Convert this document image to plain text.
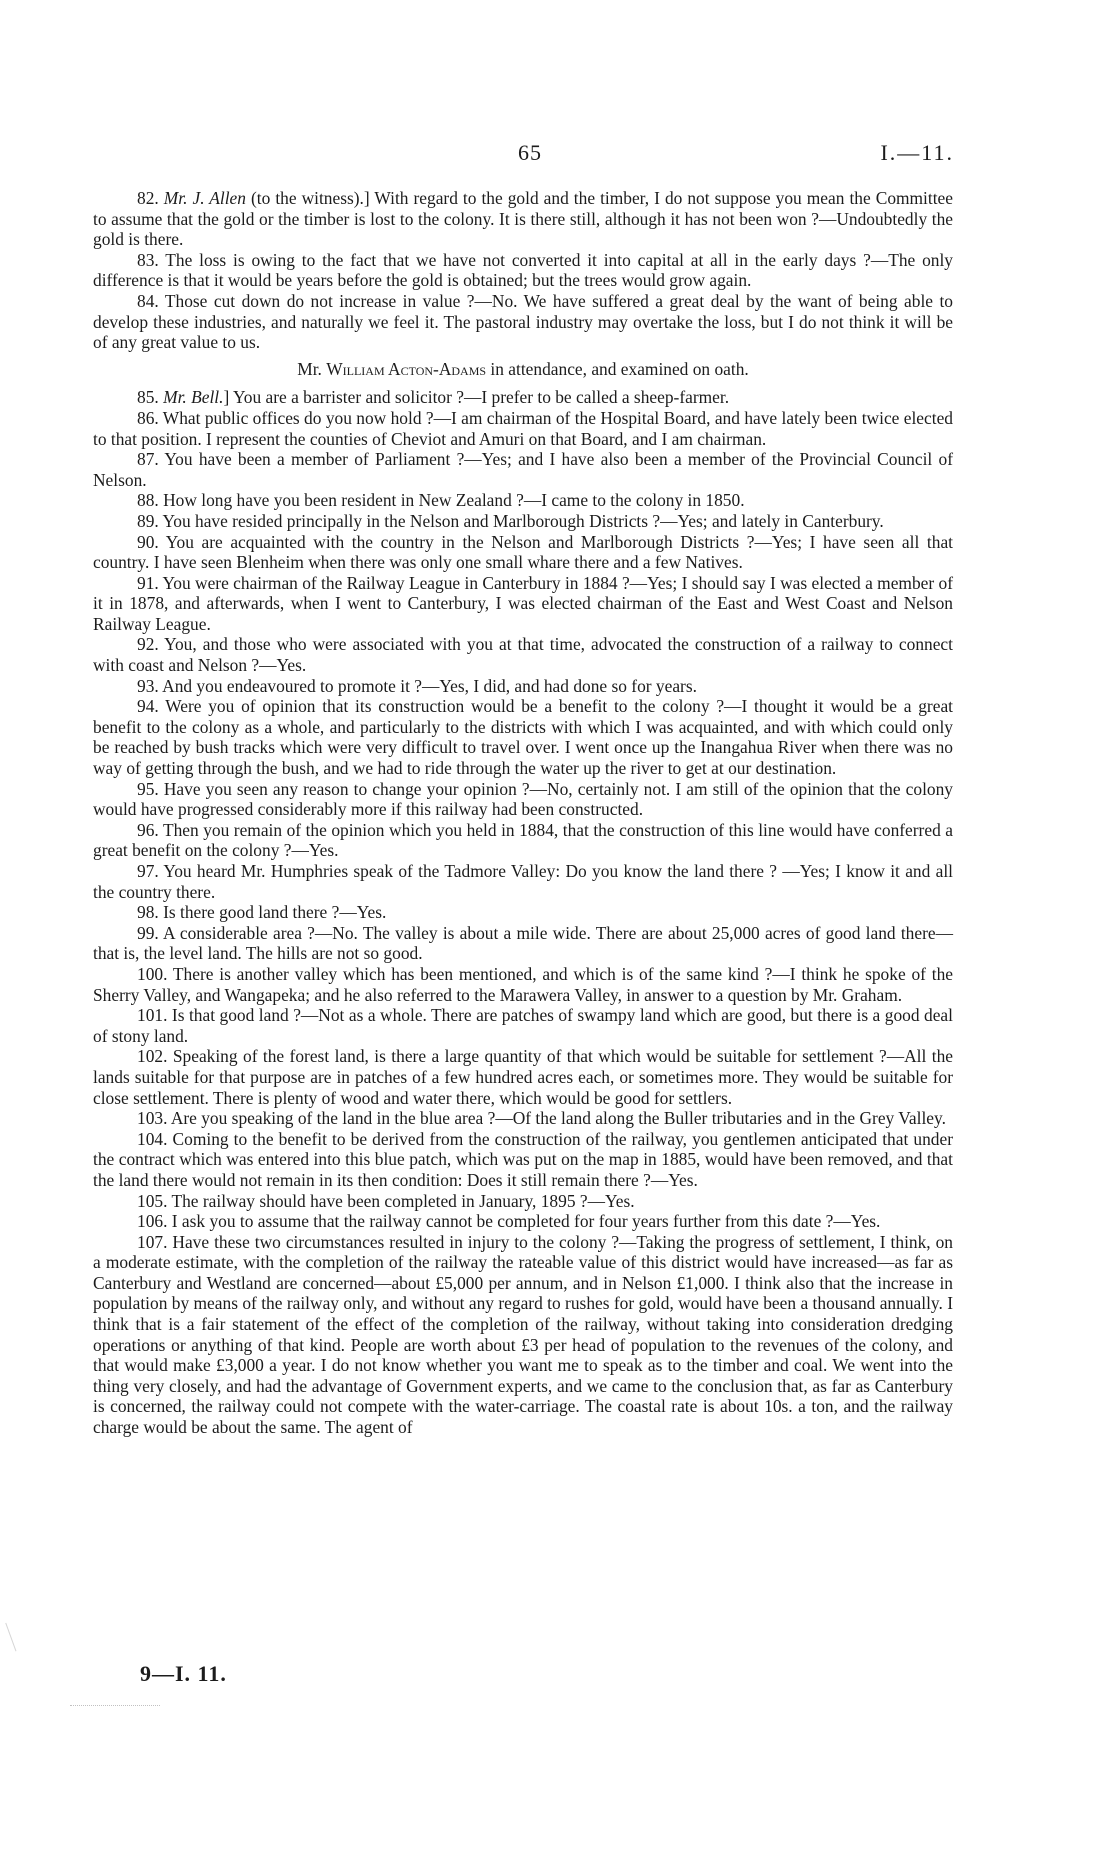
65	I.—11.

82. Mr. J. Allen (to the witness).] With regard to the gold and the timber, I do not suppose you mean the Committee to assume that the gold or the timber is lost to the colony. It is there still, although it has not been won ?—Undoubtedly the gold is there.

83. The loss is owing to the fact that we have not converted it into capital at all in the early days ?—The only difference is that it would be years before the gold is obtained; but the trees would grow again.

84. Those cut down do not increase in value ?—No. We have suffered a great deal by the want of being able to develop these industries, and naturally we feel it. The pastoral industry may overtake the loss, but I do not think it will be of any great value to us.

Mr. William Acton-Adams in attendance, and examined on oath.

85. Mr. Bell.] You are a barrister and solicitor ?—I prefer to be called a sheep-farmer.

86. What public offices do you now hold ?—I am chairman of the Hospital Board, and have lately been twice elected to that position. I represent the counties of Cheviot and Amuri on that Board, and I am chairman.

87. You have been a member of Parliament ?—Yes; and I have also been a member of the Provincial Council of Nelson.

88. How long have you been resident in New Zealand ?—I came to the colony in 1850.

89. You have resided principally in the Nelson and Marlborough Districts ?—Yes; and lately in Canterbury.

90. You are acquainted with the country in the Nelson and Marlborough Districts ?—Yes; I have seen all that country. I have seen Blenheim when there was only one small whare there and a few Natives.

91. You were chairman of the Railway League in Canterbury in 1884 ?—Yes; I should say I was elected a member of it in 1878, and afterwards, when I went to Canterbury, I was elected chairman of the East and West Coast and Nelson Railway League.

92. You, and those who were associated with you at that time, advocated the construction of a railway to connect with coast and Nelson ?—Yes.

93. And you endeavoured to promote it ?—Yes, I did, and had done so for years.

94. Were you of opinion that its construction would be a benefit to the colony ?—I thought it would be a great benefit to the colony as a whole, and particularly to the districts with which I was acquainted, and with which could only be reached by bush tracks which were very difficult to travel over. I went once up the Inangahua River when there was no way of getting through the bush, and we had to ride through the water up the river to get at our destination.

95. Have you seen any reason to change your opinion ?—No, certainly not. I am still of the opinion that the colony would have progressed considerably more if this railway had been constructed.

96. Then you remain of the opinion which you held in 1884, that the construction of this line would have conferred a great benefit on the colony ?—Yes.

97. You heard Mr. Humphries speak of the Tadmore Valley: Do you know the land there ? —Yes; I know it and all the country there.

98. Is there good land there ?—Yes.

99. A considerable area ?—No. The valley is about a mile wide. There are about 25,000 acres of good land there—that is, the level land. The hills are not so good.

100. There is another valley which has been mentioned, and which is of the same kind ?—I think he spoke of the Sherry Valley, and Wangapeka; and he also referred to the Marawera Valley, in answer to a question by Mr. Graham.

101. Is that good land ?—Not as a whole. There are patches of swampy land which are good, but there is a good deal of stony land.

102. Speaking of the forest land, is there a large quantity of that which would be suitable for settlement ?—All the lands suitable for that purpose are in patches of a few hundred acres each, or sometimes more. They would be suitable for close settlement. There is plenty of wood and water there, which would be good for settlers.

103. Are you speaking of the land in the blue area ?—Of the land along the Buller tributaries and in the Grey Valley.

104. Coming to the benefit to be derived from the construction of the railway, you gentlemen anticipated that under the contract which was entered into this blue patch, which was put on the map in 1885, would have been removed, and that the land there would not remain in its then condition: Does it still remain there ?—Yes.

105. The railway should have been completed in January, 1895 ?—Yes.

106. I ask you to assume that the railway cannot be completed for four years further from this date ?—Yes.

107. Have these two circumstances resulted in injury to the colony ?—Taking the progress of settlement, I think, on a moderate estimate, with the completion of the railway the rateable value of this district would have increased—as far as Canterbury and Westland are concerned—about £5,000 per annum, and in Nelson £1,000. I think also that the increase in population by means of the railway only, and without any regard to rushes for gold, would have been a thousand annually. I think that is a fair statement of the effect of the completion of the railway, without taking into consideration dredging operations or anything of that kind. People are worth about £3 per head of population to the revenues of the colony, and that would make £3,000 a year. I do not know whether you want me to speak as to the timber and coal. We went into the thing very closely, and had the advantage of Government experts, and we came to the conclusion that, as far as Canterbury is concerned, the railway could not compete with the water-carriage. The coastal rate is about 10s. a ton, and the railway charge would be about the same. The agent of

9—I. 11.
